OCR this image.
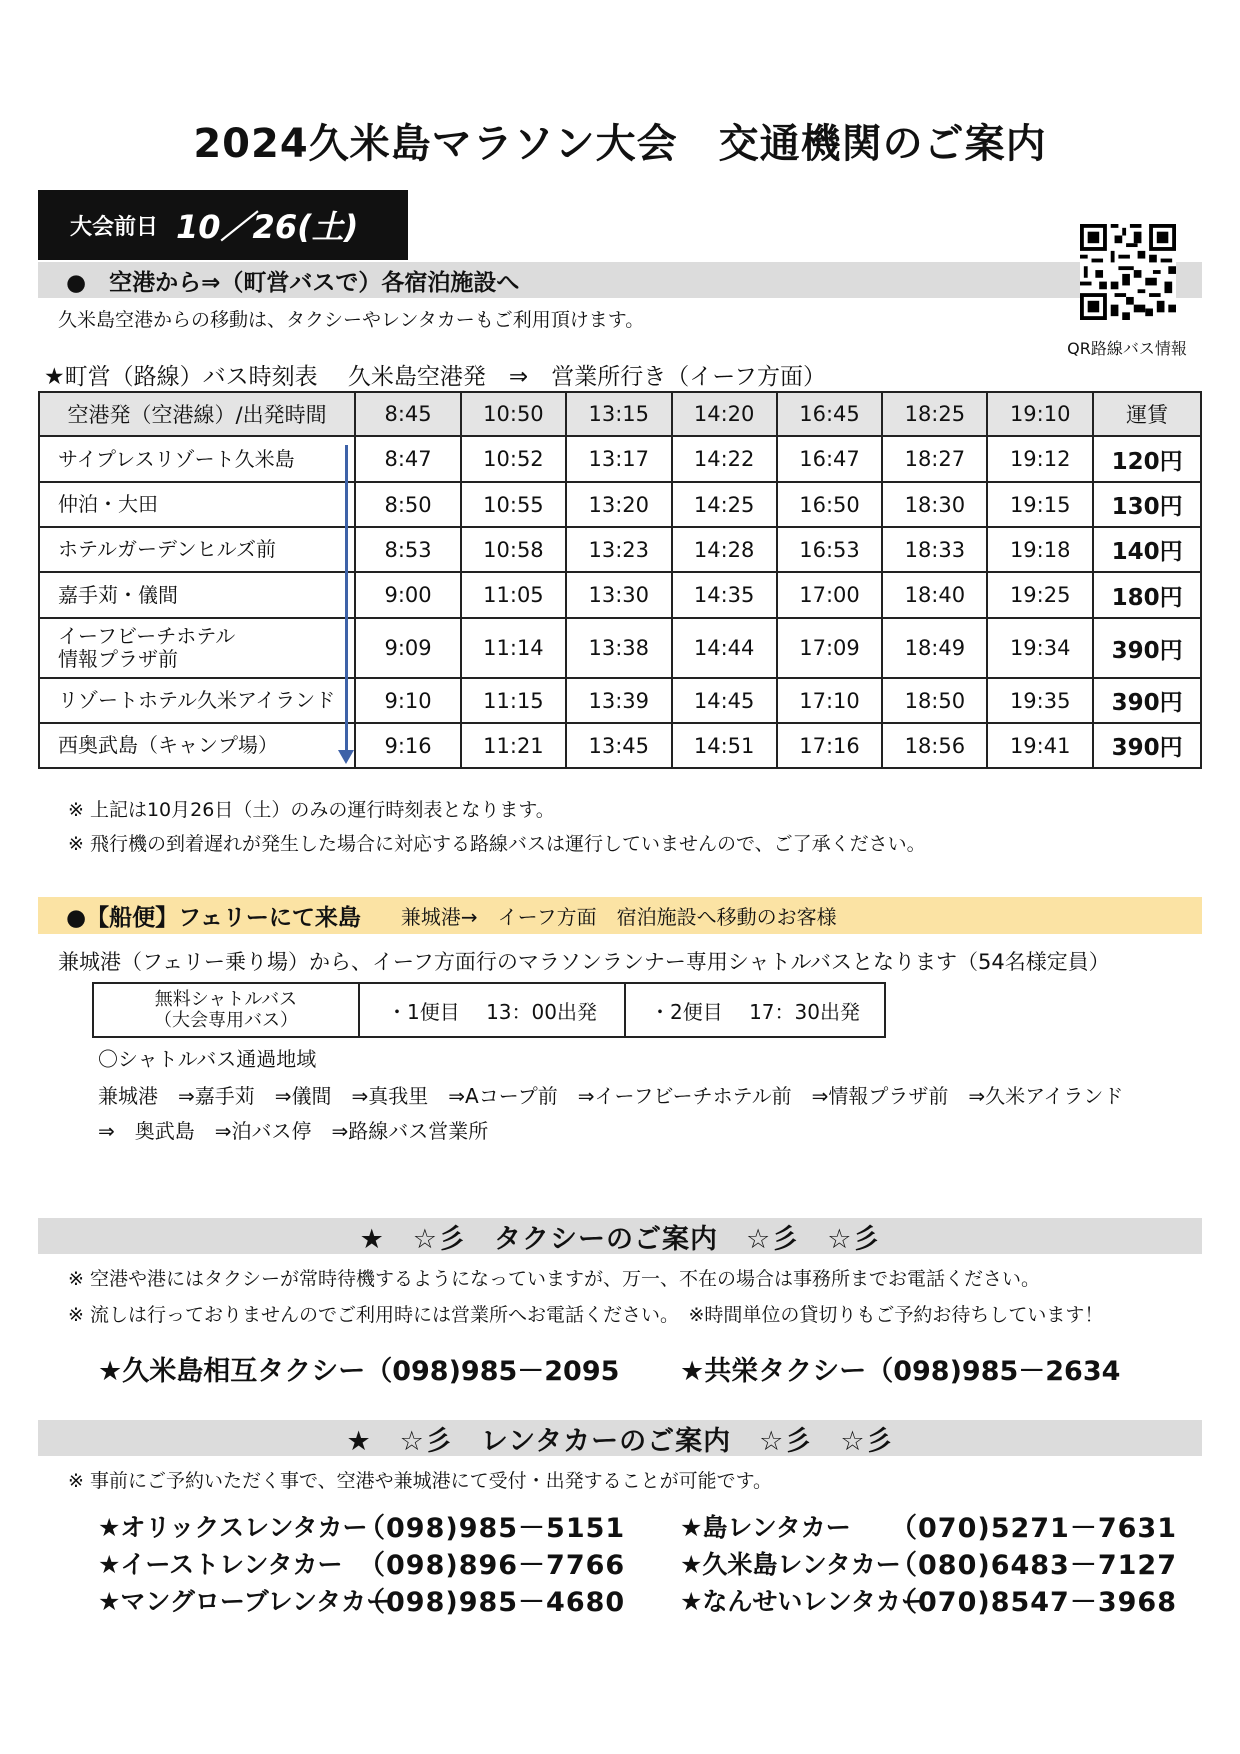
2024久米島マラソン大会　交通機関のご案内
大会前日 10／26(土)
●　空港から⇒（町営バスで）各宿泊施設へ
久米島空港からの移動は、タクシーやレンタカーもご利用頂けます。
QR路線バス情報
★町営（路線）バス時刻表　 久米島空港発　⇒　営業所行き（イーフ方面）
空港発（空港線）/出発時間	8:45	10:50	13:15	14:20	16:45	18:25	19:10	運賃
サイプレスリゾート久米島	8:47	10:52	13:17	14:22	16:47	18:27	19:12	120円
仲泊・大田	8:50	10:55	13:20	14:25	16:50	18:30	19:15	130円
ホテルガーデンヒルズ前	8:53	10:58	13:23	14:28	16:53	18:33	19:18	140円
嘉手苅・儀間	9:00	11:05	13:30	14:35	17:00	18:40	19:25	180円

イーフビーチホテル
情報プラザ前	9:09	11:14	13:38	14:44	17:09	18:49	19:34	390円
リゾートホテル久米アイランド	9:10	11:15	13:39	14:45	17:10	18:50	19:35	390円
西奥武島（キャンプ場）	9:16	11:21	13:45	14:51	17:16	18:56	19:41	390円
※ 上記は10月26日（土）のみの運行時刻表となります。
※ 飛行機の到着遅れが発生した場合に対応する路線バスは運行していませんので、ご了承ください。
●【船便】フェリーにて来島 兼城港→　イーフ方面　宿泊施設へ移動のお客様
兼城港（フェリー乗り場）から、イーフ方面行のマラソンランナー専用シャトルバスとなります（54名様定員）
無料シャトルバス
（大会専用バス）	・1便目　 13：00出発	・2便目　 17：30出発
〇シャトルバス通過地域
兼城港　⇒嘉手苅　⇒儀間　⇒真我里　⇒Aコープ前　⇒イーフビーチホテル前　⇒情報プラザ前　⇒久米アイランド
⇒　奥武島　⇒泊バス停　⇒路線バス営業所
★　☆彡　タクシーのご案内　☆彡　☆彡
※ 空港や港にはタクシーが常時待機するようになっていますが、万一、不在の場合は事務所までお電話ください。
※ 流しは行っておりませんのでご利用時には営業所へお電話ください。　※時間単位の貸切りもご予約お待ちしています！
★久米島相互タクシー（098)985－2095 ★共栄タクシー（098)985－2634
★　☆彡　レンタカーのご案内　☆彡　☆彡
※ 事前にご予約いただく事で、空港や兼城港にて受付・出発することが可能です。
★オリックスレンタカー
（098)985－5151
★イーストレンタカー （098)896－7766
★マングローブレンタカー
（098)985－4680
★島レンタカー （070)5271－7631
★久米島レンタカー
（080)6483－7127
★なんせいレンタカー
（070)8547－3968
